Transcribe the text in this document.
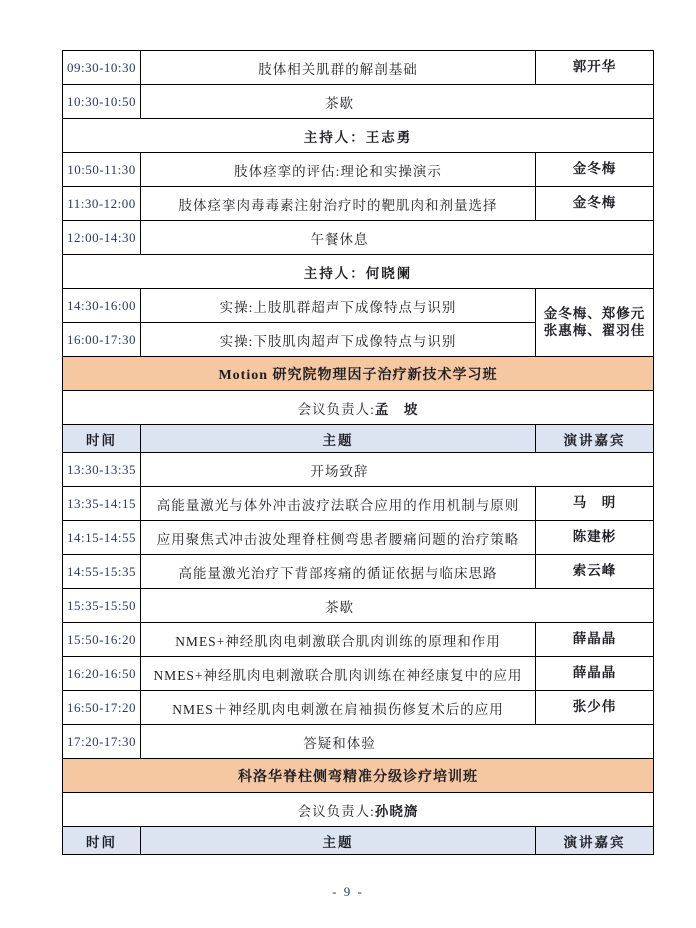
09:30-10:30	肢体相关肌群的解剖基础	郭开华
10:30-10:50	茶歇	
主持人：王志勇		
10:50-11:30	肢体痉挛的评估:理论和实操演示	金冬梅
11:30-12:00	肢体痉挛肉毒毒素注射治疗时的靶肌肉和剂量选择	金冬梅
12:00-14:30	午餐休息	
主持人：何晓阑		
14:30-16:00	实操:上肢肌群超声下成像特点与识别	金冬梅、郑修元
张惠梅、翟羽佳

16:00-17:30	实操:下肢肌肉超声下成像特点与识别	
Motion 研究院物理因子治疗新技术学习班		
会议负责人:孟　坡		
时间	主题	演讲嘉宾
13:30-13:35	开场致辞	
13:35-14:15	高能量激光与体外冲击波疗法联合应用的作用机制与原则	马　明
14:15-14:55	应用聚焦式冲击波处理脊柱侧弯患者腰痛问题的治疗策略	陈建彬
14:55-15:35	高能量激光治疗下背部疼痛的循证依据与临床思路	索云峰
15:35-15:50	茶歇	
15:50-16:20	NMES+神经肌肉电刺激联合肌肉训练的原理和作用	薛晶晶
16:20-16:50	NMES+神经肌肉电刺激联合肌肉训练在神经康复中的应用	薛晶晶
16:50-17:20	NMES＋神经肌肉电刺激在肩袖损伤修复术后的应用	张少伟
17:20-17:30	答疑和体验	
科洛华脊柱侧弯精准分级诊疗培训班		
会议负责人:孙晓旖		
时间	主题	演讲嘉宾
- 9 -
